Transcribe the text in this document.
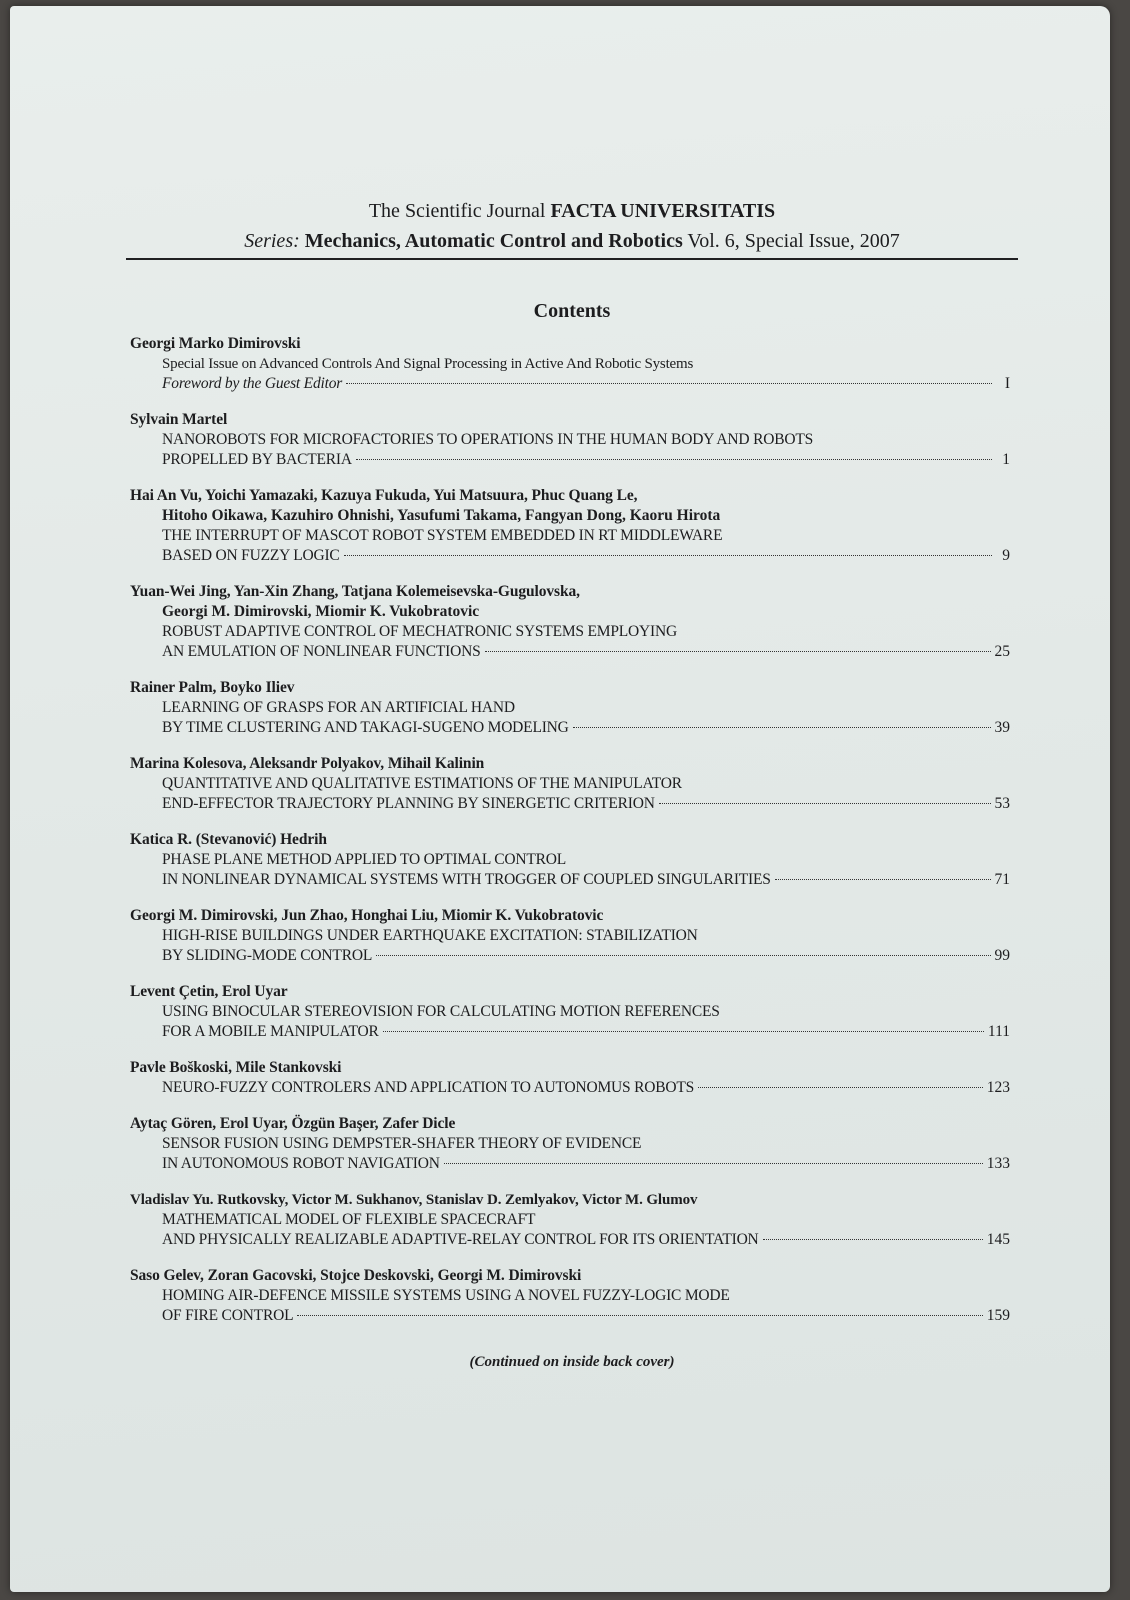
The Scientific Journal FACTA UNIVERSITATIS
Series: Mechanics, Automatic Control and Robotics Vol. 6, Special Issue, 2007
Contents
Georgi Marko Dimirovski
Special Issue on Advanced Controls And Signal Processing in Active And Robotic Systems
Foreword by the Guest Editor	I
Sylvain Martel
NANOROBOTS FOR MICROFACTORIES TO OPERATIONS IN THE HUMAN BODY AND ROBOTS
PROPELLED BY BACTERIA	1
Hai An Vu, Yoichi Yamazaki, Kazuya Fukuda, Yui Matsuura, Phuc Quang Le,
Hitoho Oikawa, Kazuhiro Ohnishi, Yasufumi Takama, Fangyan Dong, Kaoru Hirota
THE INTERRUPT OF MASCOT ROBOT SYSTEM EMBEDDED IN RT MIDDLEWARE
BASED ON FUZZY LOGIC	9
Yuan-Wei Jing, Yan-Xin Zhang, Tatjana Kolemeisevska-Gugulovska,
Georgi M. Dimirovski, Miomir K. Vukobratovic
ROBUST ADAPTIVE CONTROL OF MECHATRONIC SYSTEMS EMPLOYING
AN EMULATION OF NONLINEAR FUNCTIONS	25
Rainer Palm, Boyko Iliev
LEARNING OF GRASPS FOR AN ARTIFICIAL HAND
BY TIME CLUSTERING AND TAKAGI-SUGENO MODELING	39
Marina Kolesova, Aleksandr Polyakov, Mihail Kalinin
QUANTITATIVE AND QUALITATIVE ESTIMATIONS OF THE MANIPULATOR
END-EFFECTOR TRAJECTORY PLANNING BY SINERGETIC CRITERION	53
Katica R. (Stevanović) Hedrih
PHASE PLANE METHOD APPLIED TO OPTIMAL CONTROL
IN NONLINEAR DYNAMICAL SYSTEMS WITH TROGGER OF COUPLED SINGULARITIES	71
Georgi M. Dimirovski, Jun Zhao, Honghai Liu, Miomir K. Vukobratovic
HIGH-RISE BUILDINGS UNDER EARTHQUAKE EXCITATION: STABILIZATION
BY SLIDING-MODE CONTROL	99
Levent Çetin, Erol Uyar
USING BINOCULAR STEREOVISION FOR CALCULATING MOTION REFERENCES
FOR A MOBILE MANIPULATOR	111
Pavle Boškoski, Mile Stankovski
NEURO-FUZZY CONTROLERS AND APPLICATION TO AUTONOMUS ROBOTS	123
Aytaç Gören, Erol Uyar, Özgün Başer, Zafer Dicle
SENSOR FUSION USING DEMPSTER-SHAFER THEORY OF EVIDENCE
IN AUTONOMOUS ROBOT NAVIGATION	133
Vladislav Yu. Rutkovsky, Victor M. Sukhanov, Stanislav D. Zemlyakov, Victor M. Glumov
MATHEMATICAL MODEL OF FLEXIBLE SPACECRAFT
AND PHYSICALLY REALIZABLE ADAPTIVE-RELAY CONTROL FOR ITS ORIENTATION	145
Saso Gelev, Zoran Gacovski, Stojce Deskovski, Georgi M. Dimirovski
HOMING AIR-DEFENCE MISSILE SYSTEMS USING A NOVEL FUZZY-LOGIC MODE
OF FIRE CONTROL	159
(Continued on inside back cover)
